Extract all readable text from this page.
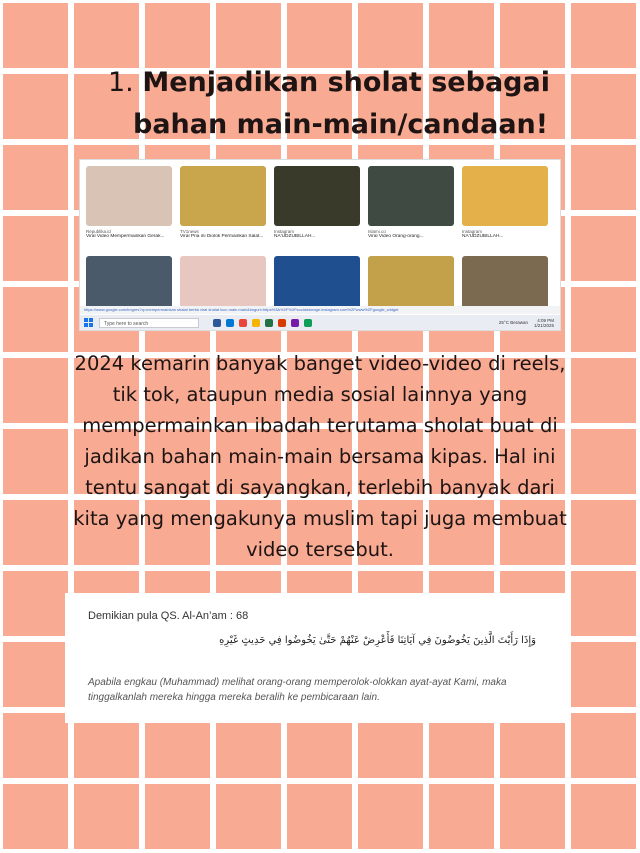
1. Menjadikan sholat sebagai
bahan main-main/candaan!
Republika.id
Viral Video Mempermainkan Gerak...
TV1news
Viral Pria ini Diolok Permainkan Salat...
Instagram
NA'UDZUBILLAH...
Islami.co
Viral Video Orang-orang...
Instagram
NA'UDZUBILLAH...
https://www.google.com/imgres?q=mempermainkan shalat berita viral shalat lucu main main&imgurl=https%3A%2F%2Fsocialstorage.instagram.com%2Fwww%2Fgoogle_widget
Type here to search	25°C Berawan 4:09 PM
1/21/2025
2024 kemarin banyak banget video-video di reels, tik tok, ataupun media sosial lainnya yang mempermainkan ibadah terutama sholat buat di jadikan bahan main-main bersama kipas. Hal ini tentu sangat di sayangkan, terlebih banyak dari kita yang mengakunya muslim tapi juga membuat video tersebut.
Demikian pula QS. Al-An’am : 68
وَإِذَا رَأَيْتَ الَّذِينَ يَخُوضُونَ فِي آيَاتِنَا فَأَعْرِضْ عَنْهُمْ حَتَّىٰ يَخُوضُوا فِي حَدِيثٍ غَيْرِهِ
Apabila engkau (Muhammad) melihat orang-orang memperolok-olokkan ayat-ayat Kami, maka tinggalkanlah mereka hingga mereka beralih ke pembicaraan lain.
